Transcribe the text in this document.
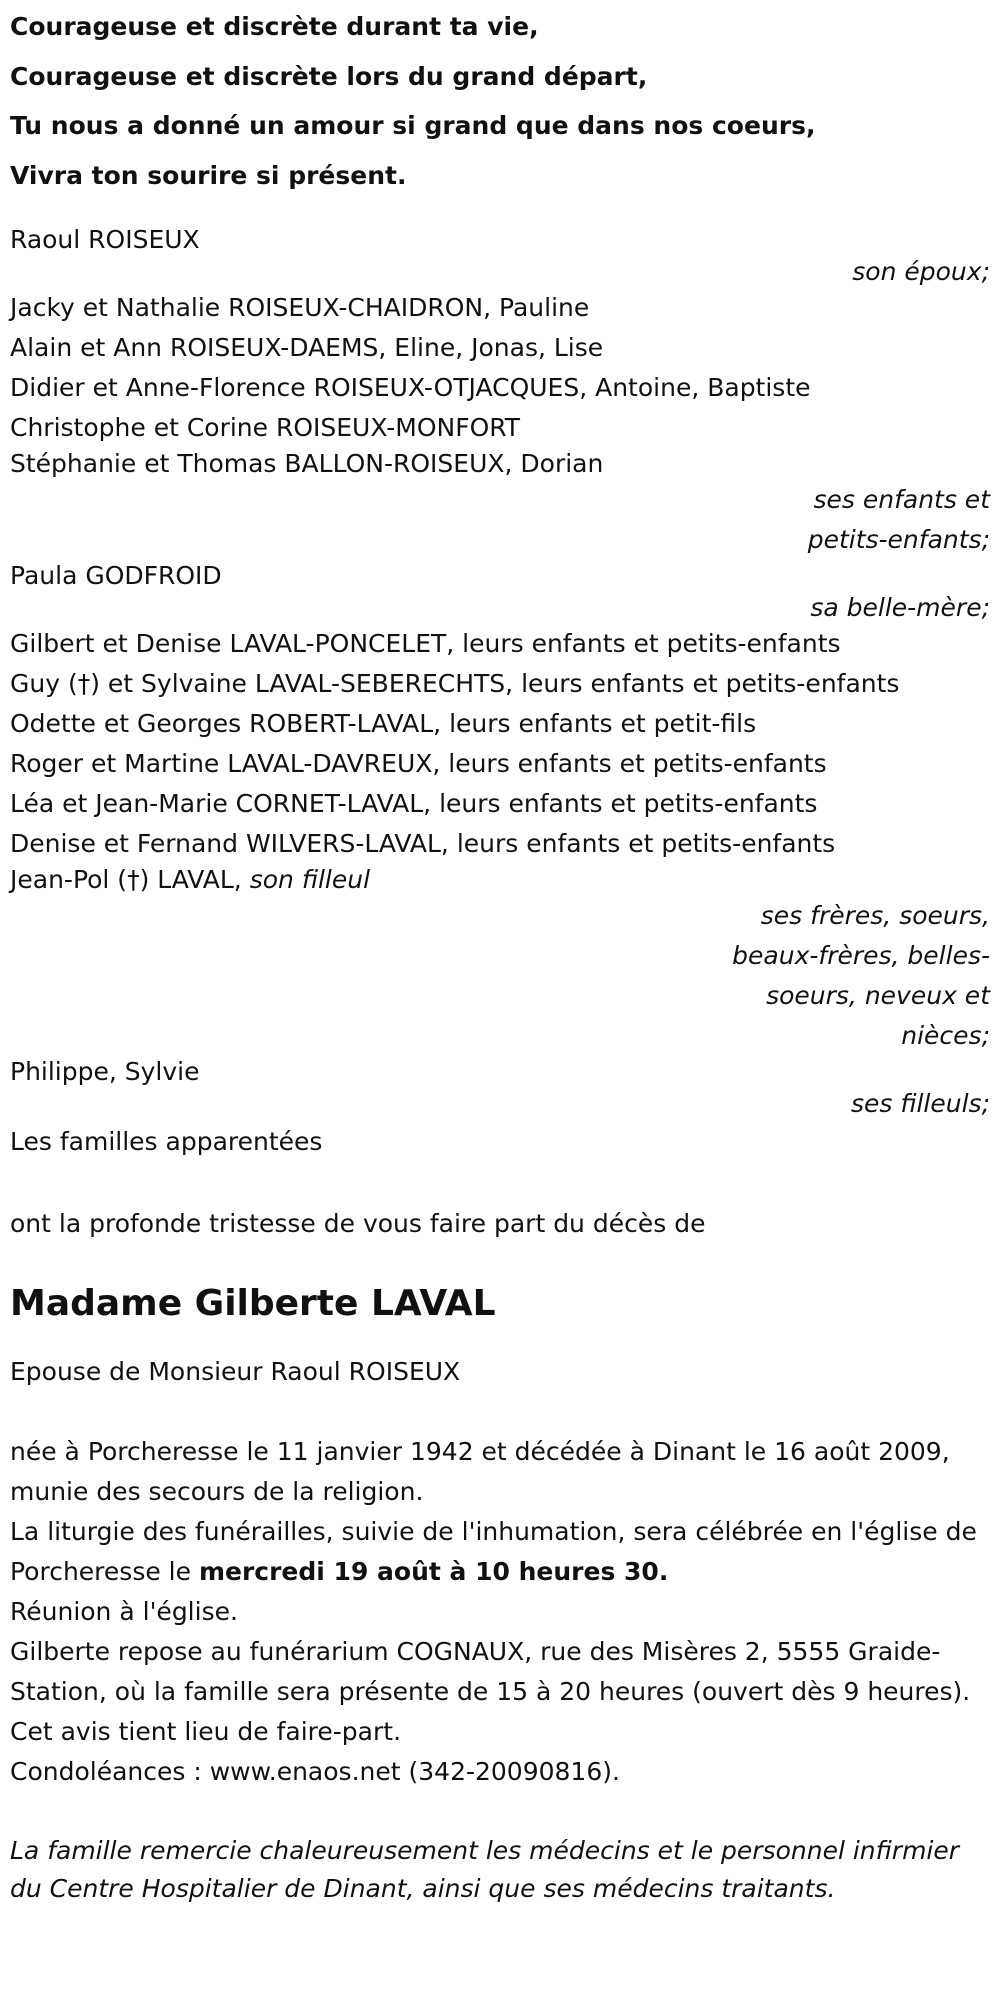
Courageuse et discrète durant ta vie,
Courageuse et discrète lors du grand départ,
Tu nous a donné un amour si grand que dans nos coeurs,
Vivra ton sourire si présent.
Raoul ROISEUX
son époux;
Jacky et Nathalie ROISEUX-CHAIDRON, Pauline
Alain et Ann ROISEUX-DAEMS, Eline, Jonas, Lise
Didier et Anne-Florence ROISEUX-OTJACQUES, Antoine, Baptiste
Christophe et Corine ROISEUX-MONFORT
Stéphanie et Thomas BALLON-ROISEUX, Dorian
ses enfants et
petits-enfants;
Paula GODFROID
sa belle-mère;
Gilbert et Denise LAVAL-PONCELET, leurs enfants et petits-enfants
Guy (†) et Sylvaine LAVAL-SEBERECHTS, leurs enfants et petits-enfants
Odette et Georges ROBERT-LAVAL, leurs enfants et petit-fils
Roger et Martine LAVAL-DAVREUX, leurs enfants et petits-enfants
Léa et Jean-Marie CORNET-LAVAL, leurs enfants et petits-enfants
Denise et Fernand WILVERS-LAVAL, leurs enfants et petits-enfants
Jean-Pol (†) LAVAL, son filleul
ses frères, soeurs,
beaux-frères, belles-
soeurs, neveux et
nièces;
Philippe, Sylvie
ses filleuls;
Les familles apparentées
ont la profonde tristesse de vous faire part du décès de
Madame Gilberte LAVAL
Epouse de Monsieur Raoul ROISEUX
née à Porcheresse le 11 janvier 1942 et décédée à Dinant le 16 août 2009, munie des secours de la religion.
La liturgie des funérailles, suivie de l'inhumation, sera célébrée en l'église de Porcheresse le mercredi 19 août à 10 heures 30.
Réunion à l'église.
Gilberte repose au funérarium COGNAUX, rue des Misères 2, 5555 Graide-Station, où la famille sera présente de 15 à 20 heures (ouvert dès 9 heures).
Cet avis tient lieu de faire-part.
Condoléances : www.enaos.net (342-20090816).
La famille remercie chaleureusement les médecins et le personnel infirmier du Centre Hospitalier de Dinant, ainsi que ses médecins traitants.
